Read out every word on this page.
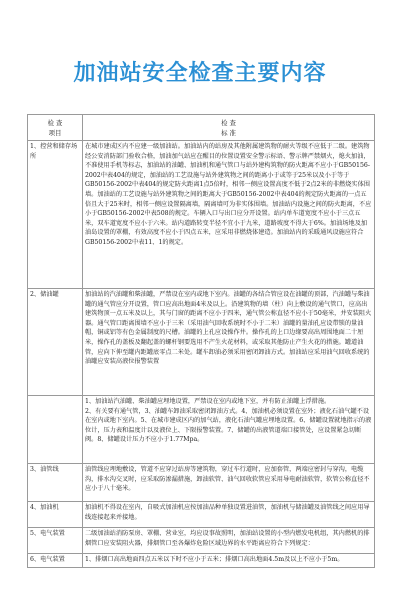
加油站安全检查主要内容
检 查
项目	检 查
标 准

1、控营和储存场所	在城市建成区内不应建一级加油站。加油站内的站房及其他附属建筑物的耐火等级不应低于二级。建筑物经公安消防部门验收合格，加油加气站应在醒目的位置设置安全警示标语、警示牌严禁烟火，熄火加油，不准使用手机等标志，加油站的油罐、加油机和通气管口与站外建构筑物的防火距离不应小于GB50156-2002中表404的规定，加油站的工艺设施与站外建筑物之间的距离小于或等于25米以及小于等于GB50156-2002中表404的规定防火距离1点5倍时，相邻一侧应设置高度不低于2点2米的非燃烧实体围墙。加油站的工艺设施与站外建筑物之间的距离大于GB50156-2002中表404的规定防火距离的一点五倍且大于25米时，相邻一侧应设置隔离墙，隔离墙可为非实体围墙。加油站内设施之间的防火距离，不应小于GB50156-2002中表508的规定。车辆入口与出口应分开设置。站内单车道宽度不应小于三点五米，双车道宽度不应小于六米。站内道路转变半径不宜小于九米，道路坡度不得大于6%。加油场地及加油岛设置的罩棚，有效高度不应小于四点五米，应采用非燃烧体建造。加油站内的采暖通风设施应符合GB50156-2002中表11、1的规定。

2、储油罐	加油站的汽油罐和柴油罐，严禁设在室内或地下室内。油罐的各结合管应设在油罐的顶部，汽油罐与柴油罐的通气管应分开设置，管口应高出地面4米及以上。沿建筑物的墙（柱）向上敷设的通气管口，应高出建筑物顶一点五米及以上，其与门窗的距离不应小于四米，通气管公称直径不应小于50毫米，并安装阻火器。通气管口距离围墙不应小于三米（采用油气回收系统时不小于二米）油罐的量油孔应设带锁的量油帽，铜或铝等有色金属制度的尺槽。油罐的上孔应设操作井。操作孔的上口边缘要高出周围地面二十厘米，操作孔的盖板及翻起盖的螺杆钢要选用不产生火花材料，或采取其他防止产生火花的措施。罐道油管，应向下伸至罐内距罐底零点二米处。罐车卸油必须采用密闭卸油方式。加油站应采用油气回收系统的油罐应安装高液位报警装置

	1、加油站汽油罐、柴油罐应埋地设置，严禁设在室内或地下室，并有防止油罐上浮措施。
2、有关要有通气管，3、油罐车卸油采取密闭卸油方式。4、加油机必须设置在室外；液化石油气罐不设在室内或地下室内。5、在城市建成区内的加气站，液化石油气罐应埋地设置。6、储罐设置就地指示的液位计，压力表和温度计以及液位上、下限报警装置。7、储罐的出液管道端口接管处，应设置紧急切断阀。8、储罐设计压力不应小于1.77Mpa。

3、油管线	油管线应埋地敷设，管道不应穿过站房等建筑物，穿过车行道时，应加套管，两端应密封与穿沟，电缆沟，排水沟交叉时，应采取防渗漏措施，卸油软管、油气回收软管应采用导电耐油软管，软管公称直径不应小于八十毫米。

4、加油机	加油机不得设在室内，自吸式加油机应按加油品种单独设置进油管，加油机与储油罐及油管线之间应用导线连接起来并接地。

5、电气装置	二级加油站消防泵房、罩棚、营业室，均应设事故照明，加油站设置的小型内燃发电机组，其内燃机的排烟管口应安装阻火器，排烟管口至各爆炸危险区域边界的水平距离应符合下列规定：

6、电气装置	1、排烟口高出地面四点五米以下时不应小于五米；排烟口高出地面4.5m及以上不应小于5m。
